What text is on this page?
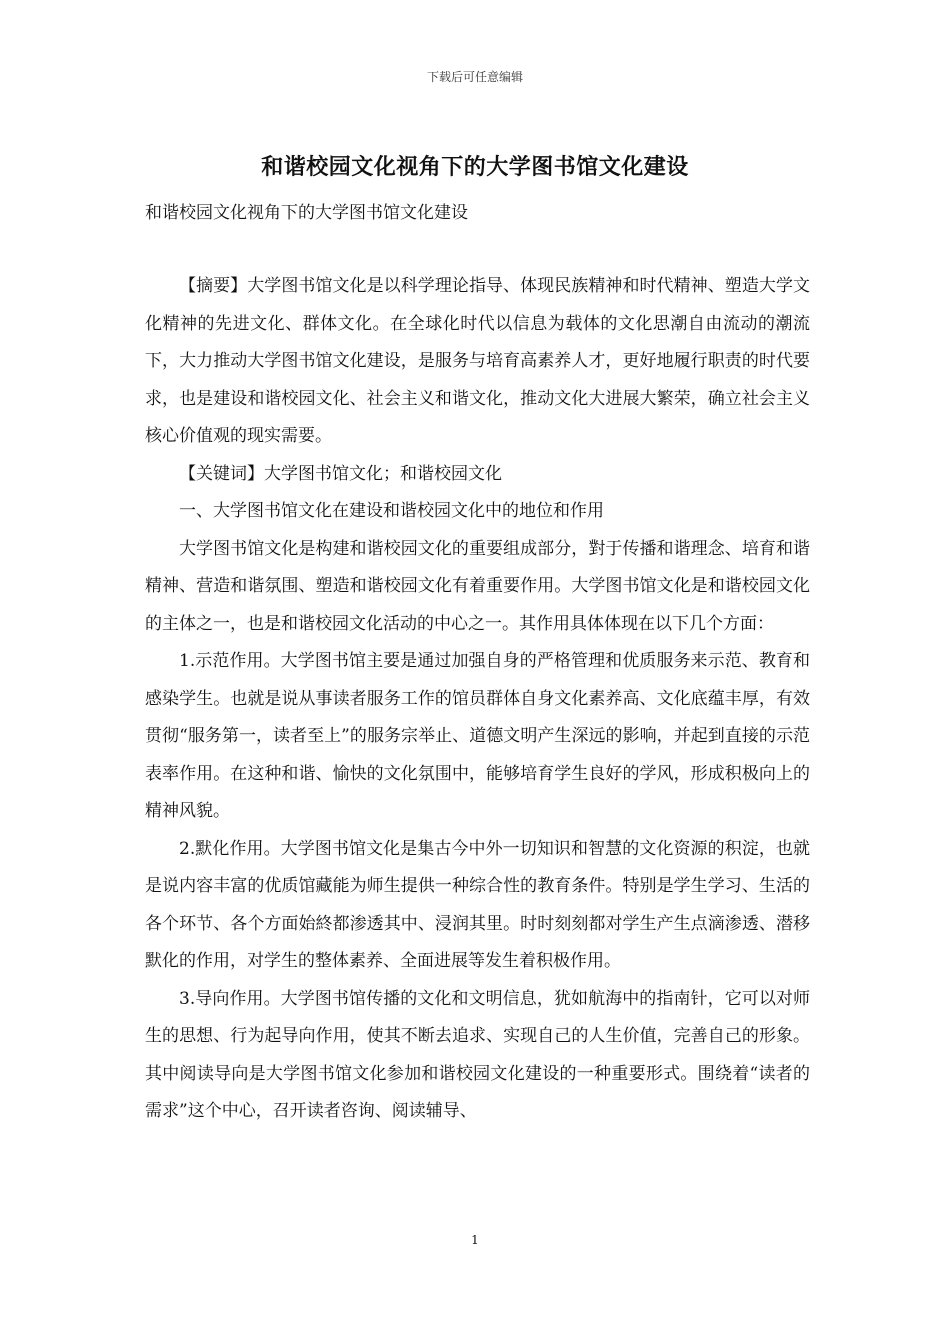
下载后可任意编辑
和谐校园文化视角下的大学图书馆文化建设
和谐校园文化视角下的大学图书馆文化建设

【摘要】大学图书馆文化是以科学理论指导、体现民族精神和时代精神、塑造大学文化精神的先进文化、群体文化。在全球化时代以信息为载体的文化思潮自由流动的潮流下，大力推动大学图书馆文化建设，是服务与培育高素养人才，更好地履行职责的时代要求，也是建设和谐校园文化、社会主义和谐文化，推动文化大进展大繁荣，确立社会主义核心价值观的现实需要。

【关键词】大学图书馆文化；和谐校园文化

一、大学图书馆文化在建设和谐校园文化中的地位和作用

大学图书馆文化是构建和谐校园文化的重要组成部分，對于传播和谐理念、培育和谐精神、营造和谐氛围、塑造和谐校园文化有着重要作用。大学图书馆文化是和谐校园文化的主体之一，也是和谐校园文化活动的中心之一。其作用具体体现在以下几个方面：

1.示范作用。大学图书馆主要是通过加强自身的严格管理和优质服务来示范、教育和感染学生。也就是说从事读者服务工作的馆员群体自身文化素养高、文化底蕴丰厚，有效贯彻“服务第一，读者至上”的服务宗举止、道德文明产生深远的影响，并起到直接的示范表率作用。在这种和谐、愉快的文化氛围中，能够培育学生良好的学风，形成积极向上的精神风貌。

2.默化作用。大学图书馆文化是集古今中外一切知识和智慧的文化资源的积淀，也就是说内容丰富的优质馆藏能为师生提供一种综合性的教育条件。特别是学生学习、生活的各个环节、各个方面始終都渗透其中、浸润其里。时时刻刻都对学生产生点滴渗透、潜移默化的作用，对学生的整体素养、全面进展等发生着积极作用。

3.导向作用。大学图书馆传播的文化和文明信息，犹如航海中的指南针，它可以对师生的思想、行为起导向作用，使其不断去追求、实现自己的人生价值，完善自己的形象。其中阅读导向是大学图书馆文化参加和谐校园文化建设的一种重要形式。围绕着“读者的需求”这个中心，召开读者咨询、阅读辅导、

1
